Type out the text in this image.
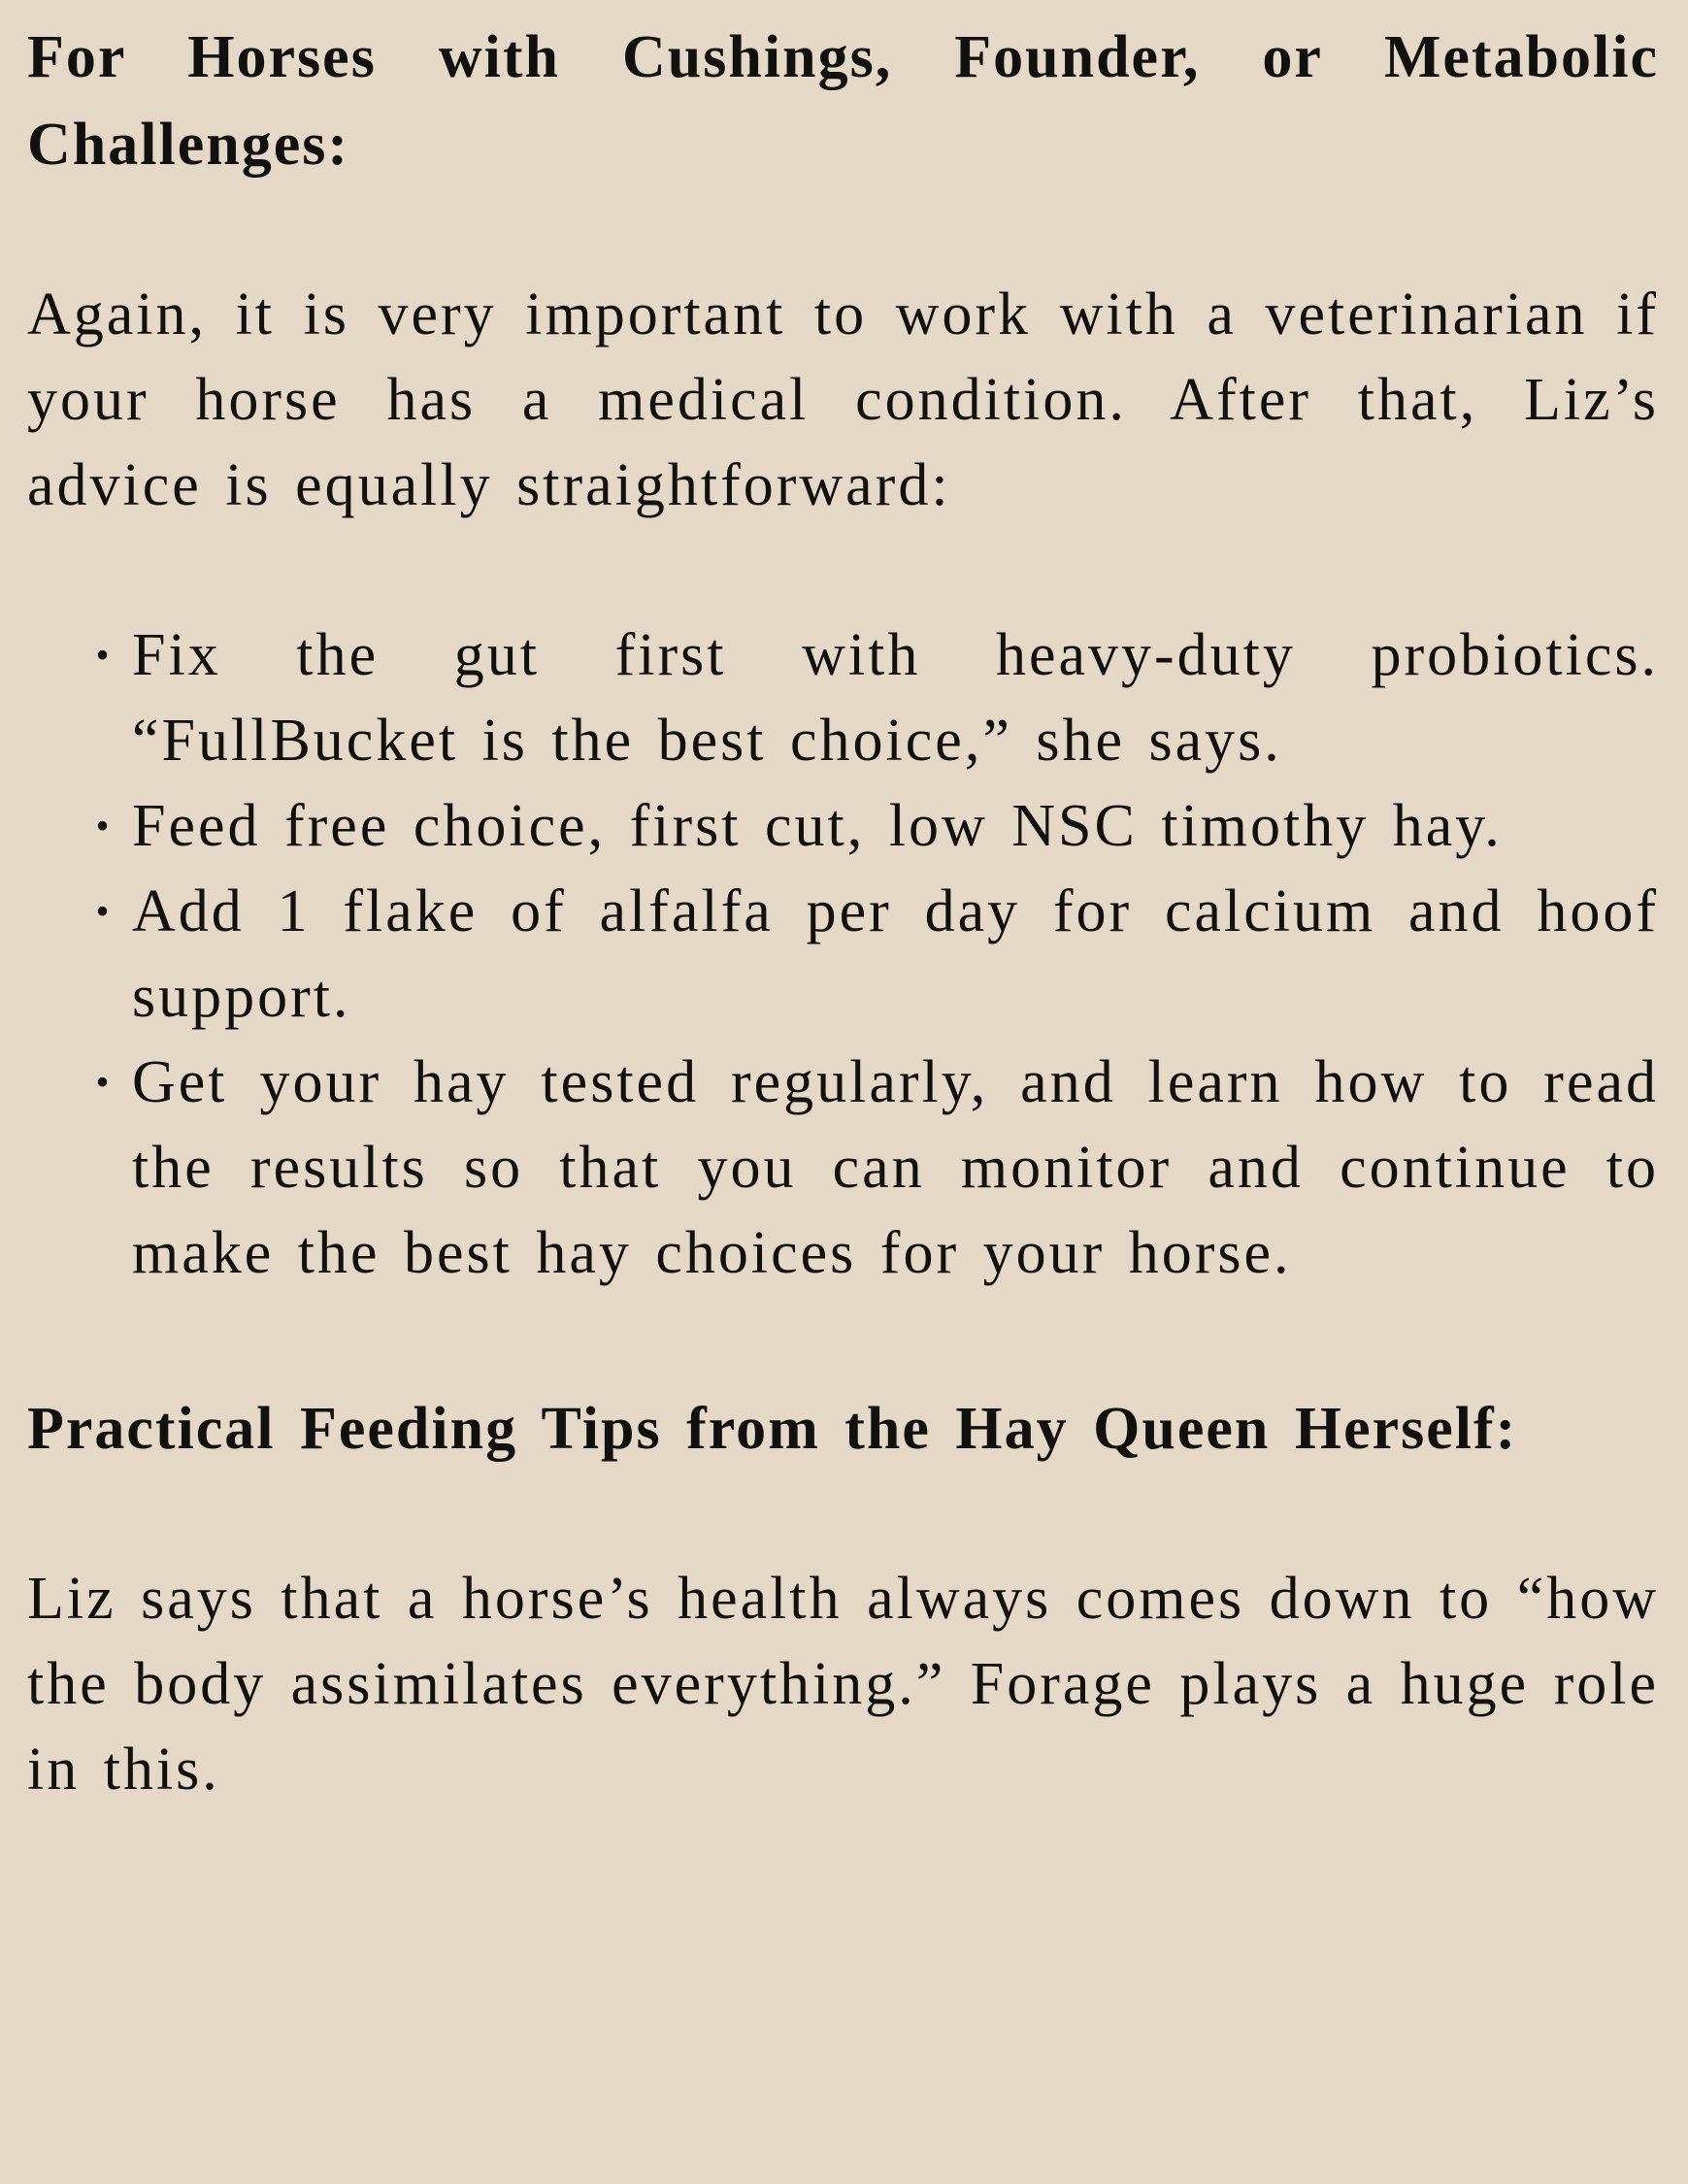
For Horses with Cushings, Founder, or Metabolic Challenges:

Again, it is very important to work with a veterinarian if your horse has a medical condition. After that, Liz’s advice is equally straightforward:

• Fix the gut first with heavy-duty probiotics. “FullBucket is the best choice,” she says.
• Feed free choice, first cut, low NSC timothy hay.
• Add 1 flake of alfalfa per day for calcium and hoof support.
• Get your hay tested regularly, and learn how to read the results so that you can monitor and continue to make the best hay choices for your horse.
Practical Feeding Tips from the Hay Queen Herself:

Liz says that a horse’s health always comes down to “how the body assimilates everything.” Forage plays a huge role in this.
